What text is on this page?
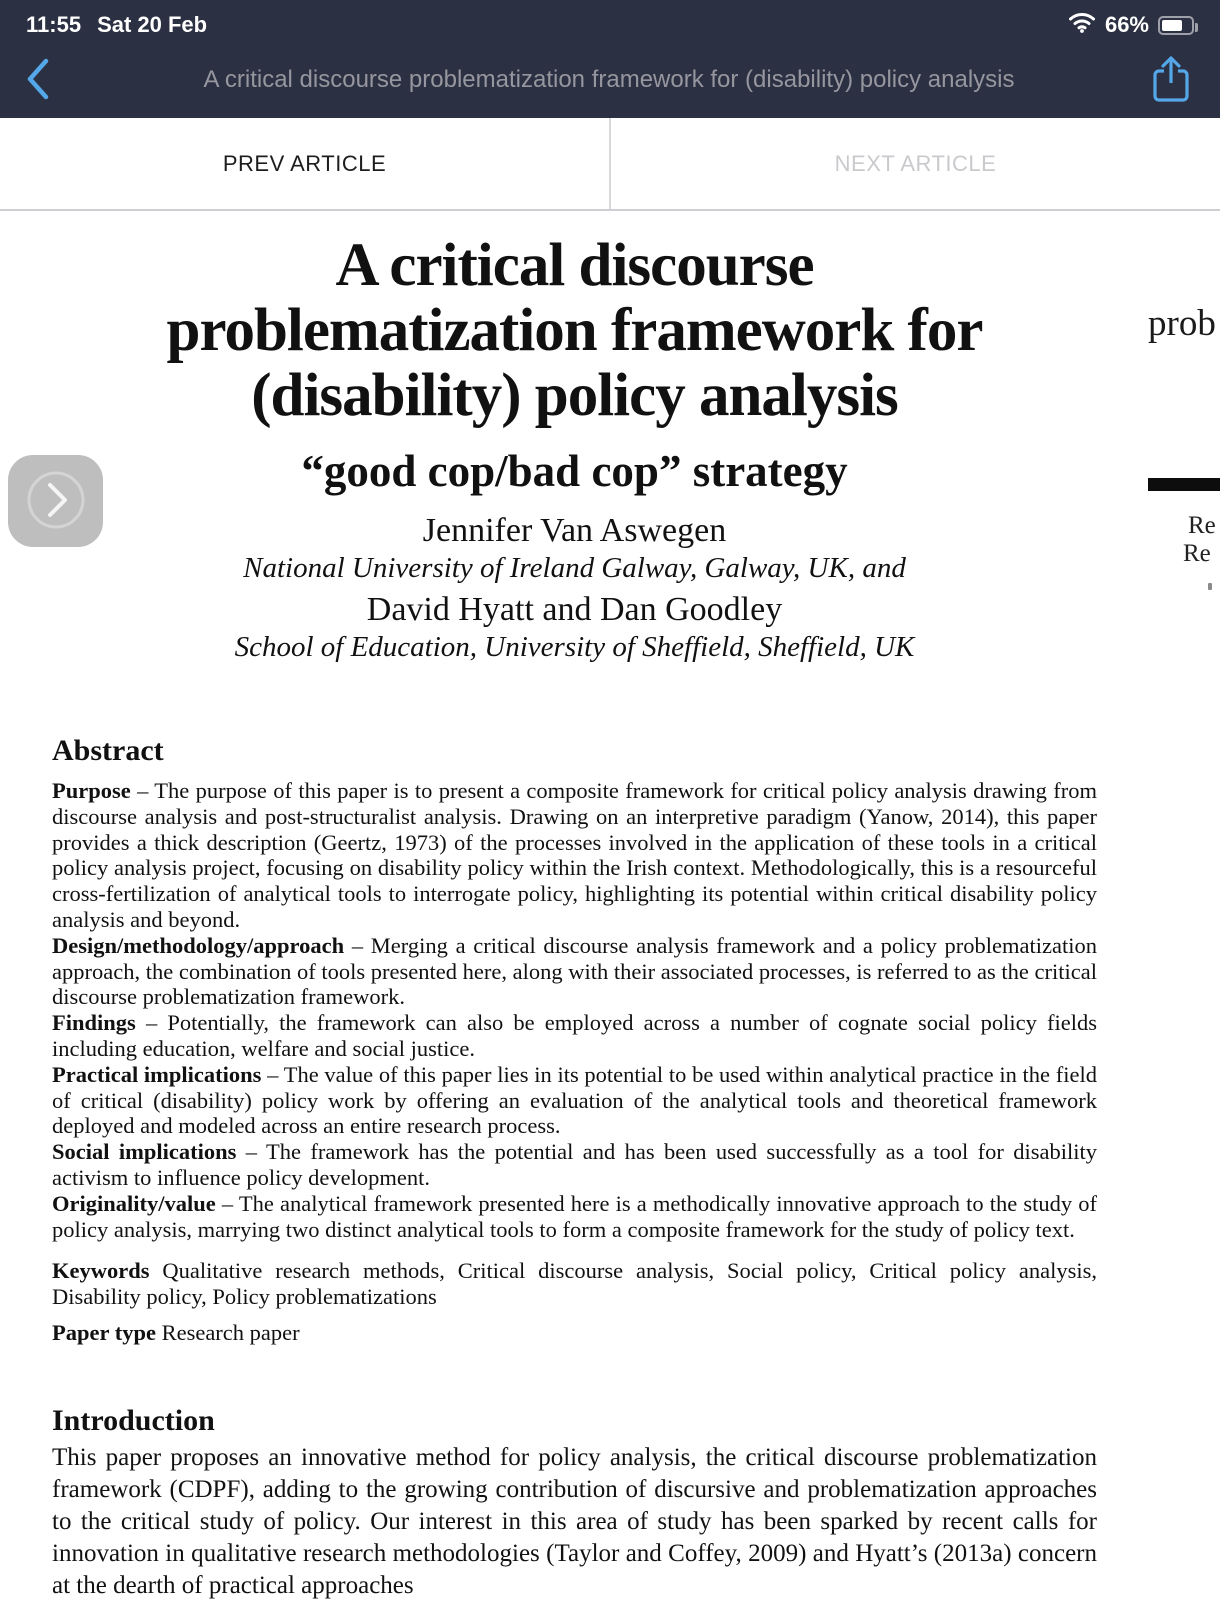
11:55 Sat 20 Feb	66%
A critical discourse problematization framework for (disability) policy analysis
PREV ARTICLE	NEXT ARTICLE
A critical discourse
problematization framework for
(disability) policy analysis
“good cop/bad cop” strategy
Jennifer Van Aswegen
National University of Ireland Galway, Galway, UK, and
David Hyatt and Dan Goodley
School of Education, University of Sheffield, Sheffield, UK
Abstract

Purpose – The purpose of this paper is to present a composite framework for critical policy analysis drawing from discourse analysis and post-structuralist analysis. Drawing on an interpretive paradigm (Yanow, 2014), this paper provides a thick description (Geertz, 1973) of the processes involved in the application of these tools in a critical policy analysis project, focusing on disability policy within the Irish context. Methodologically, this is a resourceful cross-fertilization of analytical tools to interrogate policy, highlighting its potential within critical disability policy analysis and beyond.

Design/methodology/approach – Merging a critical discourse analysis framework and a policy problematization approach, the combination of tools presented here, along with their associated processes, is referred to as the critical discourse problematization framework.

Findings – Potentially, the framework can also be employed across a number of cognate social policy fields including education, welfare and social justice.

Practical implications – The value of this paper lies in its potential to be used within analytical practice in the field of critical (disability) policy work by offering an evaluation of the analytical tools and theoretical framework deployed and modeled across an entire research process.

Social implications – The framework has the potential and has been used successfully as a tool for disability activism to influence policy development.

Originality/value – The analytical framework presented here is a methodically innovative approach to the study of policy analysis, marrying two distinct analytical tools to form a composite framework for the study of policy text.

Keywords Qualitative research methods, Critical discourse analysis, Social policy, Critical policy analysis, Disability policy, Policy problematizations

Paper type Research paper

Introduction

This paper proposes an innovative method for policy analysis, the critical discourse problematization framework (CDPF), adding to the growing contribution of discursive and problematization approaches to the critical study of policy. Our interest in this area of study has been sparked by recent calls for innovation in qualitative research methodologies (Taylor and Coffey, 2009) and Hyatt’s (2013a) concern at the dearth of practical approaches

prob
Re
Re
